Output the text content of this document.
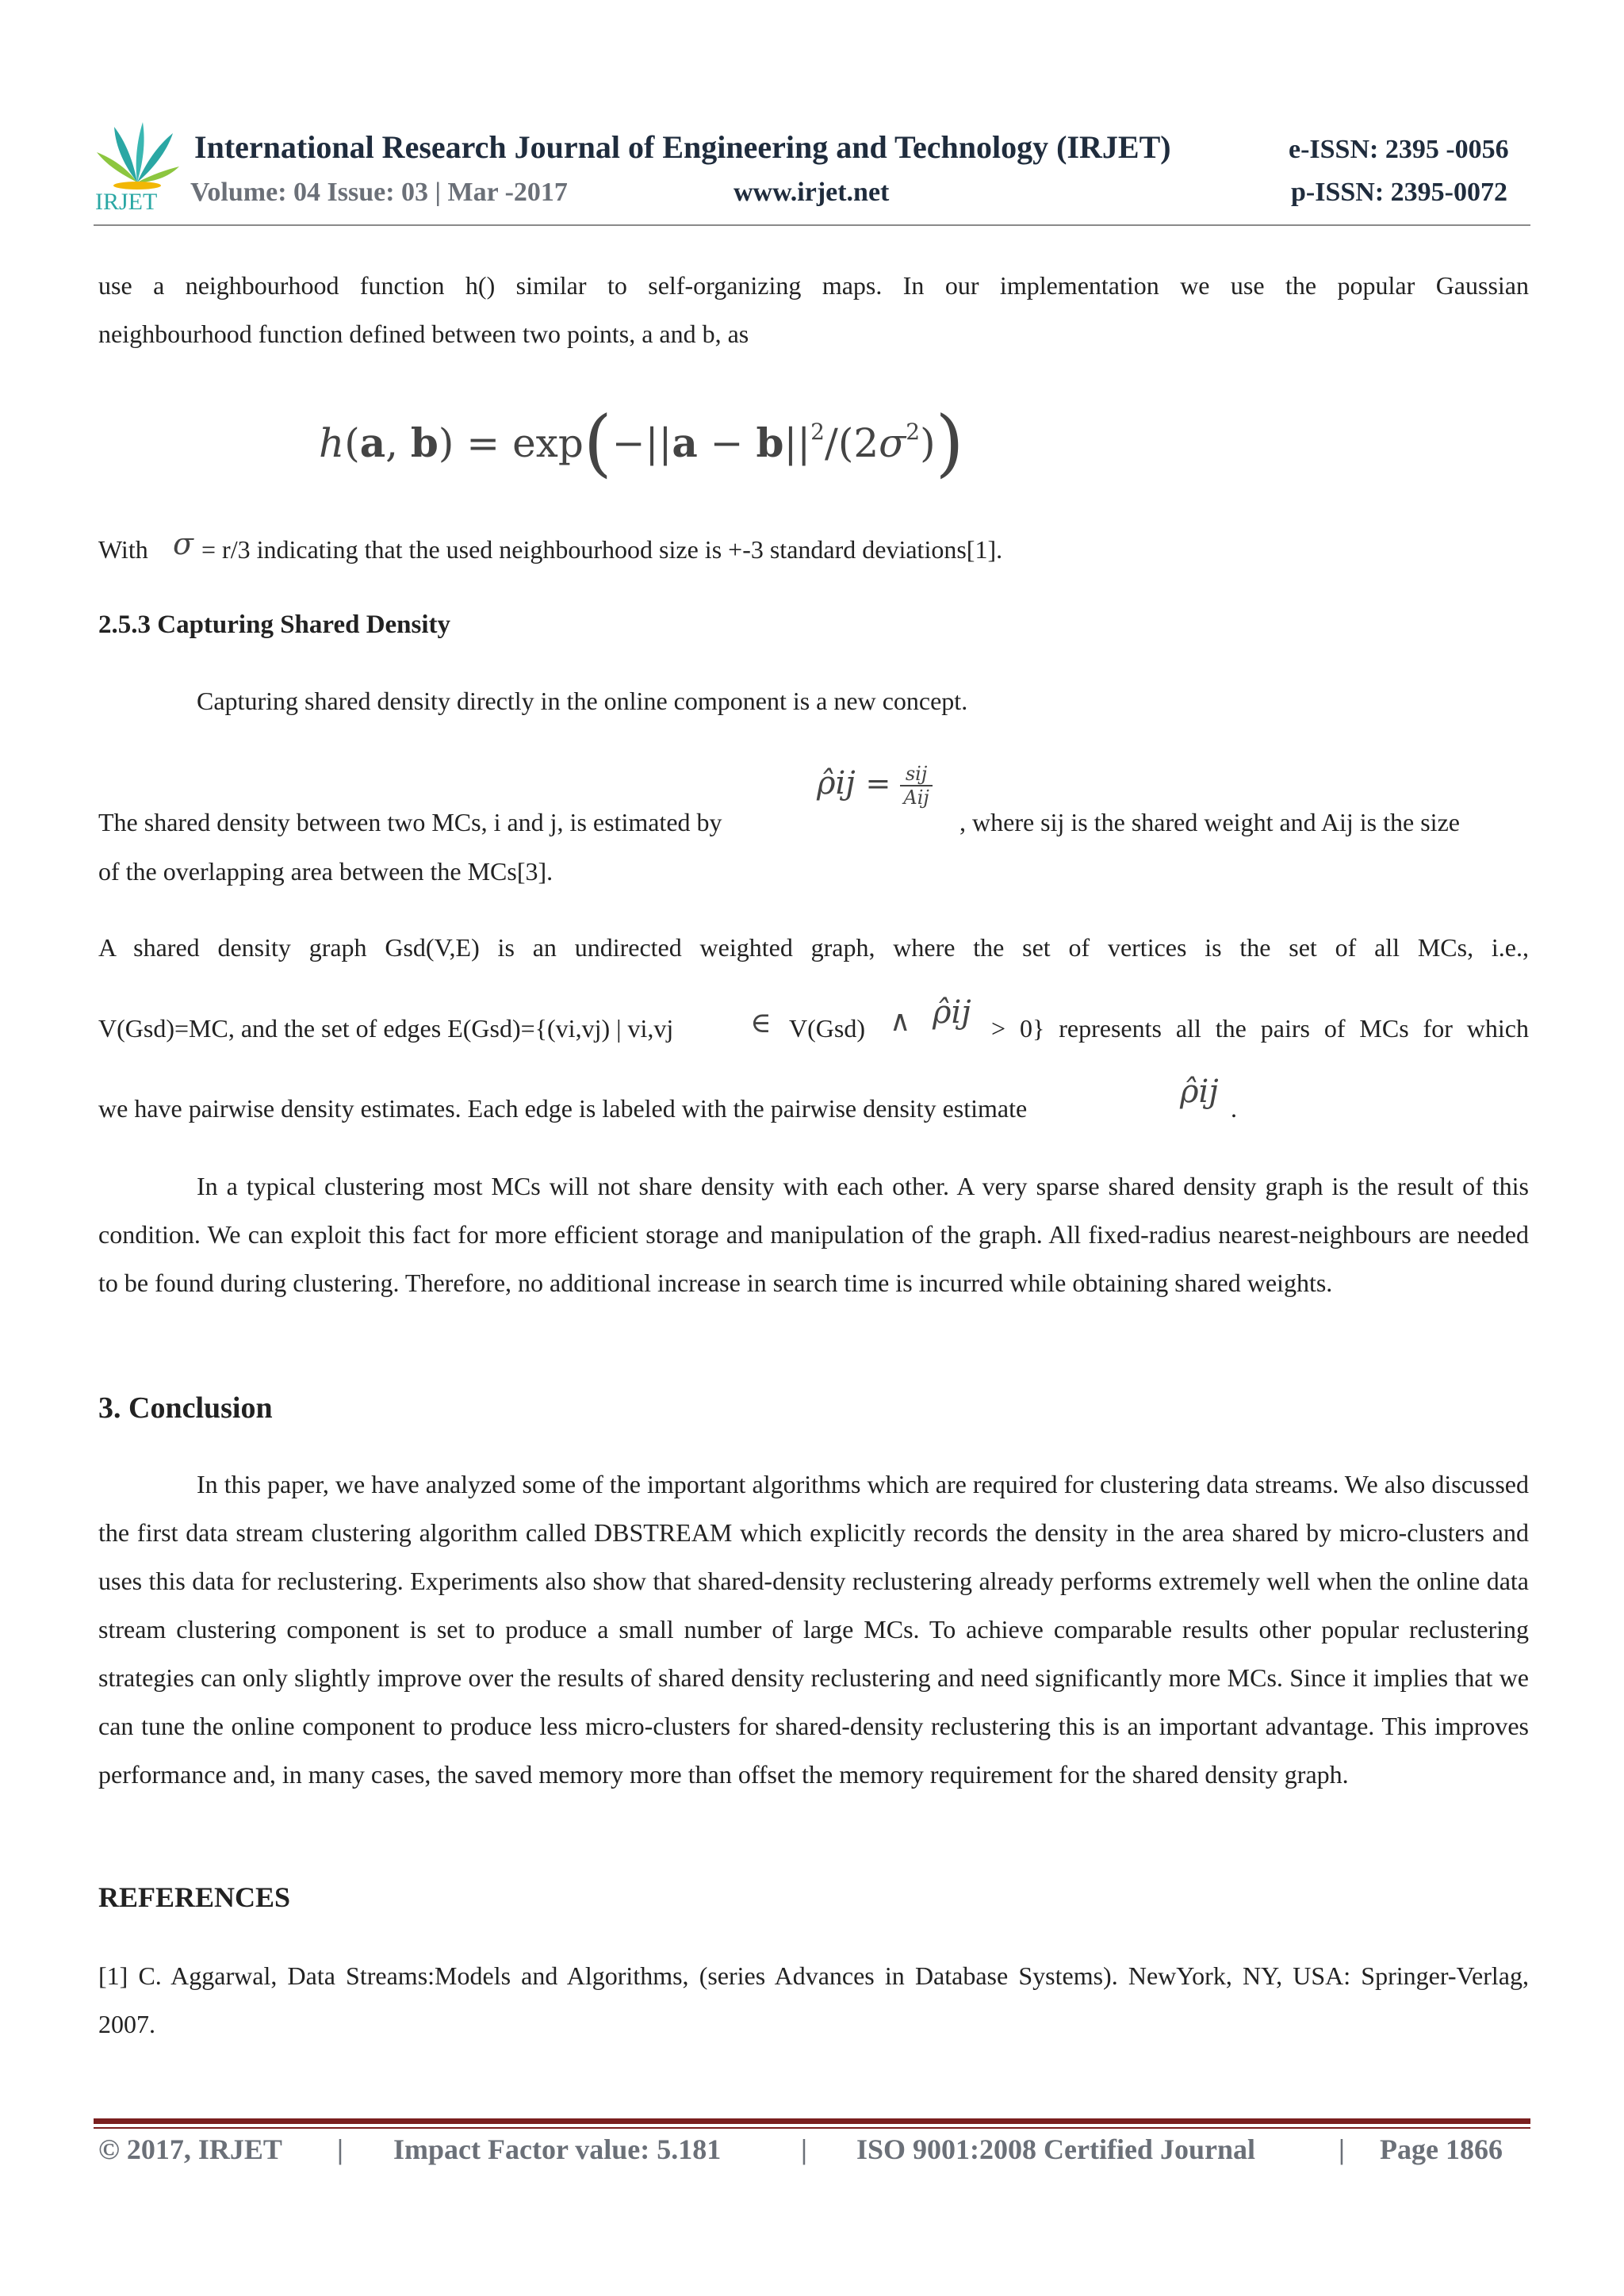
IRJET
International Research Journal of Engineering and Technology (IRJET)	e-ISSN: 2395 -0056
Volume: 04 Issue: 03 | Mar -2017	www.irjet.net	p-ISSN: 2395-0072
use a neighbourhood function h() similar to self-organizing maps. In our implementation we use the popular Gaussian
neighbourhood function defined between two points, a and b, as
h(a, $b) = \exp(-||a - b||^2/(2\sigma^2))$
With σ = r/3 indicating that the used neighbourhood size is +-3 standard deviations[1].
2.5.3 Capturing Shared Density
Capturing shared density directly in the online component is a new concept.
The shared density between two MCs, i and j, is estimated by
ρ̂ij = $\frac{\text{sij}}{\text{Aij}}$
, where sij is the shared weight and Aij is the size
of the overlapping area between the MCs[3].
A shared density graph Gsd(V,E) is an undirected weighted graph, where the set of vertices is the set of all MCs, i.e.,
V(Gsd)=MC, and the set of edges E(Gsd)={(vi,vj) | vi,vj	∈ V(Gsd) ∧ ρ̂ij > 0} represents all the pairs of MCs for which
we have pairwise density estimates. Each edge is labeled with the pairwise density estimate	ρ̂ij .
In a typical clustering most MCs will not share density with each other. A very sparse shared density graph is the result of this condition. We can exploit this fact for more efficient storage and manipulation of the graph. All fixed-radius nearest-neighbours are needed to be found during clustering. Therefore, no additional increase in search time is incurred while obtaining shared weights.
3. Conclusion
In this paper, we have analyzed some of the important algorithms which are required for clustering data streams. We also discussed the first data stream clustering algorithm called DBSTREAM which explicitly records the density in the area shared by micro-clusters and uses this data for reclustering. Experiments also show that shared-density reclustering already performs extremely well when the online data stream clustering component is set to produce a small number of large MCs. To achieve comparable results other popular reclustering strategies can only slightly improve over the results of shared density reclustering and need significantly more MCs. Since it implies that we can tune the online component to produce less micro-clusters for shared-density reclustering this is an important advantage. This improves performance and, in many cases, the saved memory more than offset the memory requirement for the shared density graph.
REFERENCES
[1] C. Aggarwal, Data Streams:Models and Algorithms, (series Advances in Database Systems). NewYork, NY, USA: Springer-Verlag, 2007.
© 2017, IRJET | Impact Factor value: 5.181	| ISO 9001:2008 Certified Journal	| Page 1866
